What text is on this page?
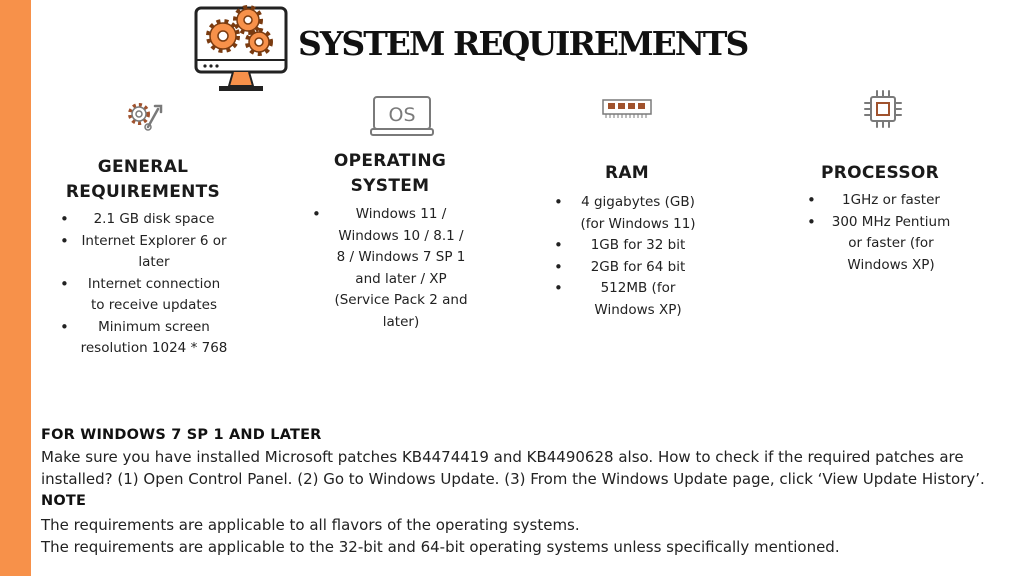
SYSTEM REQUIREMENTS
OS
GENERAL
REQUIREMENTS
• 2.1 GB disk space
• Internet Explorer 6 or later
• Internet connection to receive updates
• Minimum screen resolution 1024 * 768
OPERATING
SYSTEM
• Windows 11 / Windows 10 / 8.1 / 8 / Windows 7 SP 1 and later / XP (Service Pack 2 and later)
RAM
• 4 gigabytes (GB) (for Windows 11)
• 1GB for 32 bit
• 2GB for 64 bit
• 512MB (for Windows XP)
PROCESSOR
• 1GHz or faster
• 300 MHz Pentium or faster (for Windows XP)
FOR WINDOWS 7 SP 1 AND LATER

Make sure you have installed Microsoft patches KB4474419 and KB4490628 also. How to check if the required patches are installed? (1) Open Control Panel. (2) Go to Windows Update. (3) From the Windows Update page, click ‘View Update History’.

NOTE

The requirements are applicable to all flavors of the operating systems.

The requirements are applicable to the 32-bit and 64-bit operating systems unless specifically mentioned.
